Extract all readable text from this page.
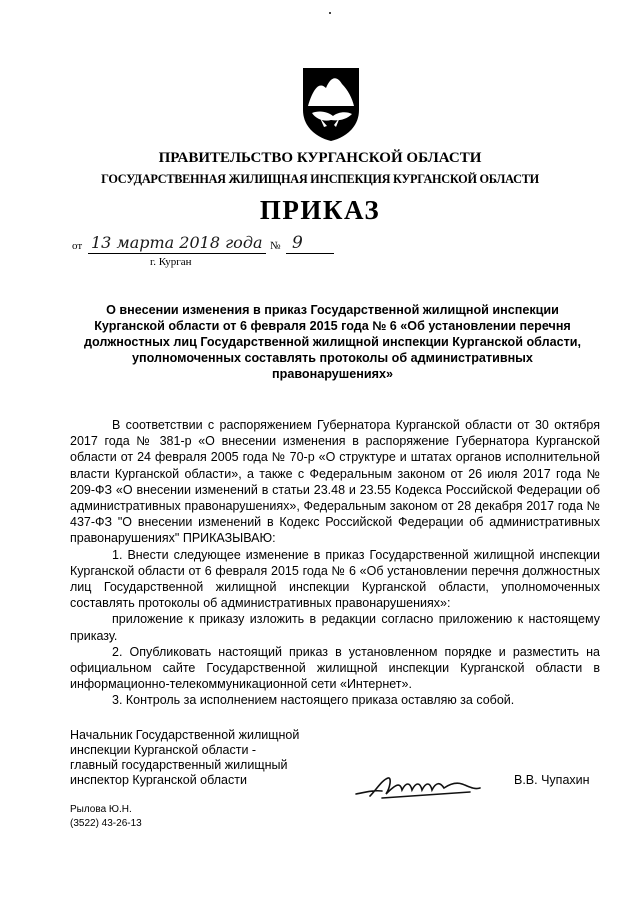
ПРАВИТЕЛЬСТВО КУРГАНСКОЙ ОБЛАСТИ
ГОСУДАРСТВЕННАЯ ЖИЛИЩНАЯ ИНСПЕКЦИЯ КУРГАНСКОЙ ОБЛАСТИ
ПРИКАЗ
от 13 марта 2018 года № 9
г. Курган
О внесении изменения в приказ Государственной жилищной инспекции Курганской области от 6 февраля 2015 года № 6 «Об установлении перечня должностных лиц Государственной жилищной инспекции Курганской области, уполномоченных составлять протоколы об административных правонарушениях»

В соответствии с распоряжением Губернатора Курганской области от 30 октября 2017 года № 381-р «О внесении изменения в распоряжение Губернатора Курганской области от 24 февраля 2005 года № 70-р «О структуре и штатах органов исполнительной власти Курганской области», а также с Федеральным законом от 26 июля 2017 года № 209-ФЗ «О внесении изменений в статьи 23.48 и 23.55 Кодекса Российской Федерации об административных правонарушениях», Федеральным законом от 28 декабря 2017 года № 437-ФЗ "О внесении изменений в Кодекс Российской Федерации об административных правонарушениях" ПРИКАЗЫВАЮ:

1. Внести следующее изменение в приказ Государственной жилищной инспекции Курганской области от 6 февраля 2015 года № 6 «Об установлении перечня должностных лиц Государственной жилищной инспекции Курганской области, уполномоченных составлять протоколы об административных правонарушениях»:

приложение к приказу изложить в редакции согласно приложению к настоящему приказу.

2. Опубликовать настоящий приказ в установленном порядке и разместить на официальном сайте Государственной жилищной инспекции Курганской области в информационно-телекоммуникационной сети «Интернет».

3. Контроль за исполнением настоящего приказа оставляю за собой.

Начальник Государственной жилищной
инспекции Курганской области -
главный государственный жилищный
инспектор Курганской области	В.В. Чупахин
Рылова Ю.Н.
(3522) 43-26-13
